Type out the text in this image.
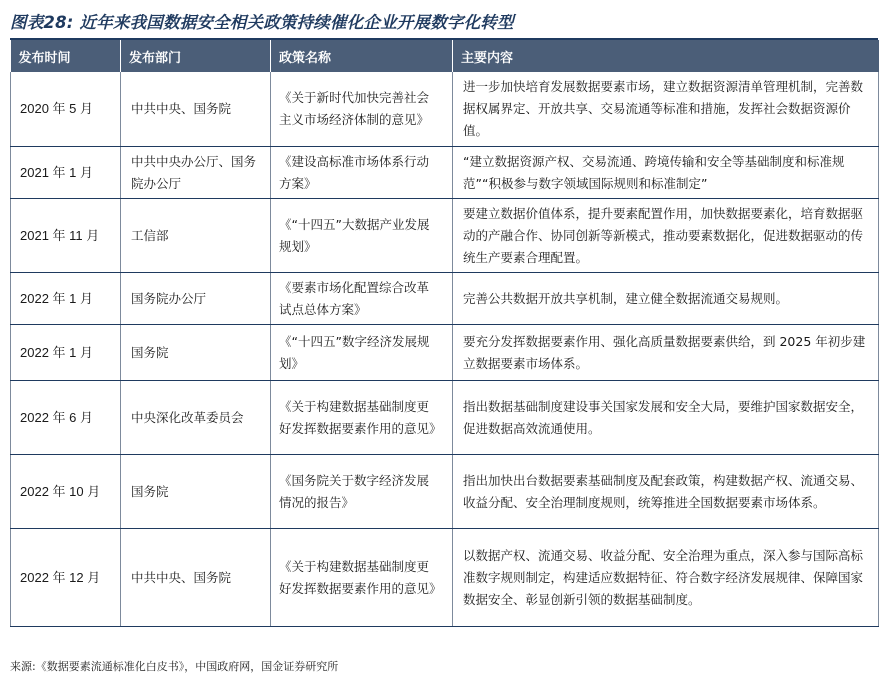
图表28: 近年来我国数据安全相关政策持续催化企业开展数字化转型
发布时间	发布部门	政策名称	主要内容
2020 年 5 月	中共中央、国务院	《关于新时代加快完善社会主义市场经济体制的意见》	进一步加快培育发展数据要素市场，建立数据资源清单管理机制，完善数据权属界定、开放共享、交易流通等标准和措施，发挥社会数据资源价值。
2021 年 1 月	中共中央办公厅、国务院办公厅	《建设高标准市场体系行动方案》	“建立数据资源产权、交易流通、跨境传输和安全等基础制度和标准规范”“积极参与数字领域国际规则和标准制定”
2021 年 11 月	工信部	《“十四五”大数据产业发展规划》	要建立数据价值体系，提升要素配置作用，加快数据要素化，培育数据驱动的产融合作、协同创新等新模式，推动要素数据化，促进数据驱动的传统生产要素合理配置。
2022 年 1 月	国务院办公厅	《要素市场化配置综合改革试点总体方案》	完善公共数据开放共享机制，建立健全数据流通交易规则。
2022 年 1 月	国务院	《“十四五”数字经济发展规划》	要充分发挥数据要素作用、强化高质量数据要素供给，到 2025 年初步建立数据要素市场体系。
2022 年 6 月	中央深化改革委员会	《关于构建数据基础制度更好发挥数据要素作用的意见》	指出数据基础制度建设事关国家发展和安全大局，要维护国家数据安全，促进数据高效流通使用。
2022 年 10 月	国务院	《国务院关于数字经济发展情况的报告》	指出加快出台数据要素基础制度及配套政策，构建数据产权、流通交易、收益分配、安全治理制度规则，统筹推进全国数据要素市场体系。
2022 年 12 月	中共中央、国务院	《关于构建数据基础制度更好发挥数据要素作用的意见》	以数据产权、流通交易、收益分配、安全治理为重点，深入参与国际高标准数字规则制定，构建适应数据特征、符合数字经济发展规律、保障国家数据安全、彰显创新引领的数据基础制度。
来源:《数据要素流通标准化白皮书》，中国政府网，国金证券研究所
